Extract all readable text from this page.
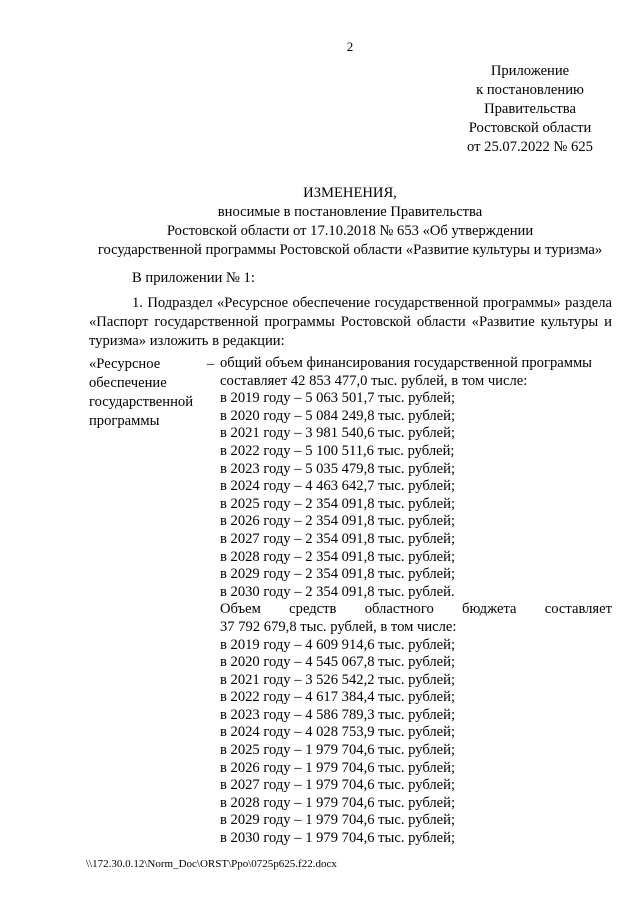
2
Приложение
к постановлению
Правительства
Ростовской области
от 25.07.2022 № 625
ИЗМЕНЕНИЯ,
вносимые в постановление Правительства
Ростовской области от 17.10.2018 № 653 «Об утверждении
государственной программы Ростовской области «Развитие культуры и туризма»

В приложении № 1:

1. Подраздел «Ресурсное обеспечение государственной программы» раздела «Паспорт государственной программы Ростовской области «Развитие культуры и туризма» изложить в редакции:

«Ресурсное
обеспечение
государственной
программы
– общий объем финансирования государственной программы
составляет 42 853 477,0 тыс. рублей, в том числе:
в 2019 году – 5 063 501,7 тыс. рублей;
в 2020 году – 5 084 249,8 тыс. рублей;
в 2021 году – 3 981 540,6 тыс. рублей;
в 2022 году – 5 100 511,6 тыс. рублей;
в 2023 году – 5 035 479,8 тыс. рублей;
в 2024 году – 4 463 642,7 тыс. рублей;
в 2025 году – 2 354 091,8 тыс. рублей;
в 2026 году – 2 354 091,8 тыс. рублей;
в 2027 году – 2 354 091,8 тыс. рублей;
в 2028 году – 2 354 091,8 тыс. рублей;
в 2029 году – 2 354 091,8 тыс. рублей;
в 2030 году – 2 354 091,8 тыс. рублей.
Объем средств областного бюджета составляет
37 792 679,8 тыс. рублей, в том числе:
в 2019 году – 4 609 914,6 тыс. рублей;
в 2020 году – 4 545 067,8 тыс. рублей;
в 2021 году – 3 526 542,2 тыс. рублей;
в 2022 году – 4 617 384,4 тыс. рублей;
в 2023 году – 4 586 789,3 тыс. рублей;
в 2024 году – 4 028 753,9 тыс. рублей;
в 2025 году – 1 979 704,6 тыс. рублей;
в 2026 году – 1 979 704,6 тыс. рублей;
в 2027 году – 1 979 704,6 тыс. рублей;
в 2028 году – 1 979 704,6 тыс. рублей;
в 2029 году – 1 979 704,6 тыс. рублей;
в 2030 году – 1 979 704,6 тыс. рублей;
\\172.30.0.12\Norm_Doc\ORST\Ppo\0725p625.f22.docx
